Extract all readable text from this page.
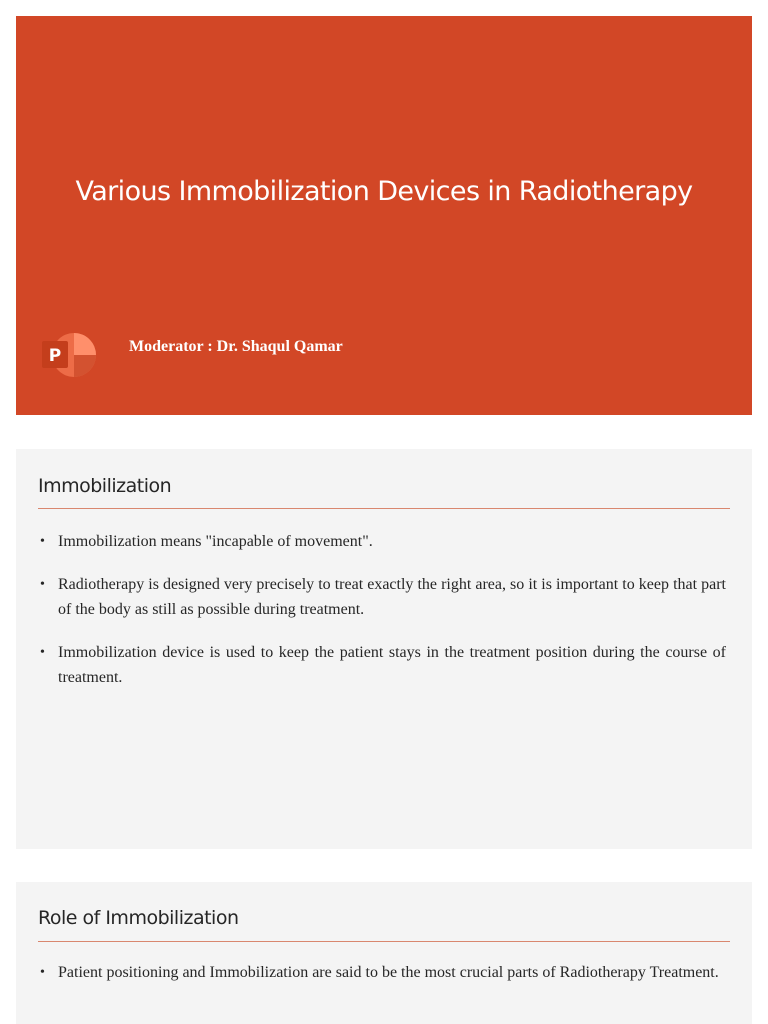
Various Immobilization Devices in Radiotherapy
P	Moderator : Dr. Shaqul Qamar
Immobilization
• Immobilization means "incapable of movement".
• Radiotherapy is designed very precisely to treat exactly the right area, so it is important to keep that part of the body as still as possible during treatment.
• Immobilization device is used to keep the patient stays in the treatment position during the course of treatment.
Role of Immobilization
• Patient positioning and Immobilization are said to be the most crucial parts of Radiotherapy Treatment.
